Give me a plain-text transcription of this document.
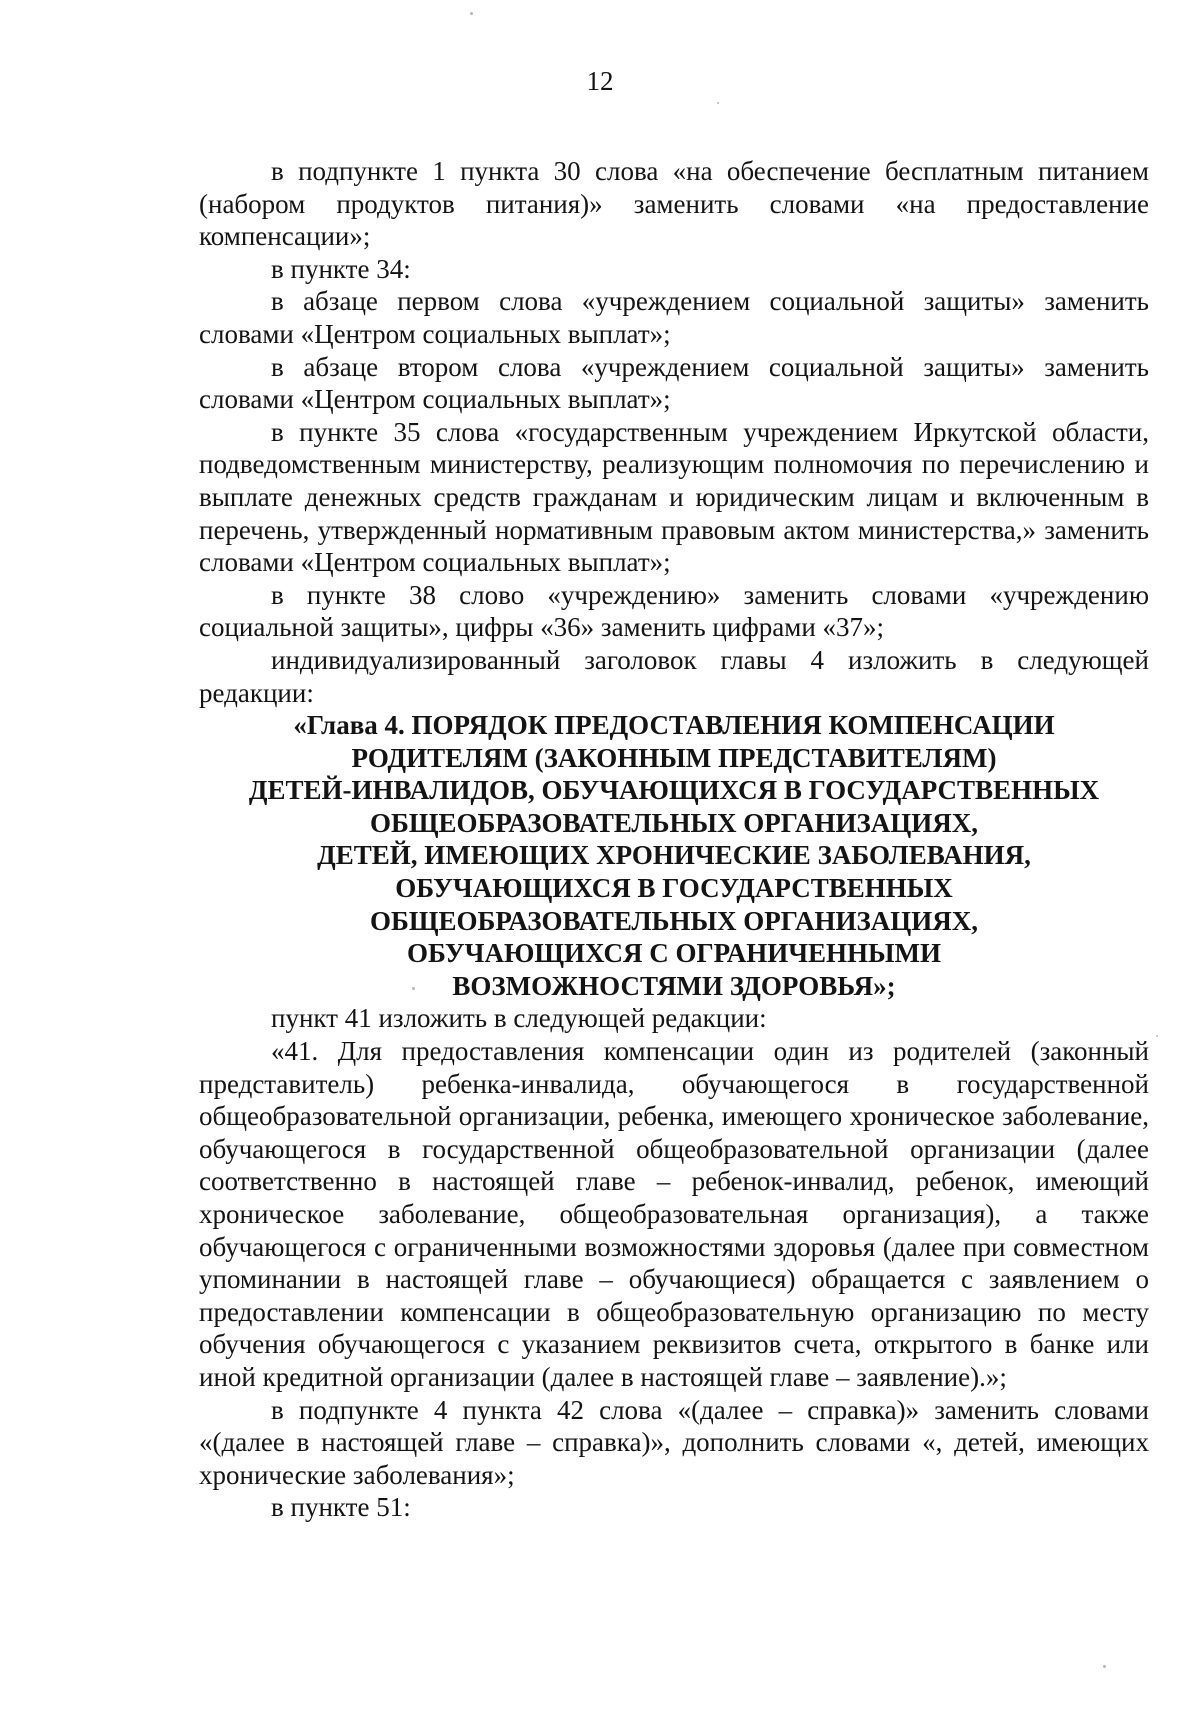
12

в подпункте 1 пункта 30 слова «на обеспечение бесплатным питанием (набором продуктов питания)» заменить словами «на предоставление компенсации»;

в пункте 34:

в абзаце первом слова «учреждением социальной защиты» заменить словами «Центром социальных выплат»;

в абзаце втором слова «учреждением социальной защиты» заменить словами «Центром социальных выплат»;

в пункте 35 слова «государственным учреждением Иркутской области, подведомственным министерству, реализующим полномочия по перечислению и выплате денежных средств гражданам и юридическим лицам и включенным в перечень, утвержденный нормативным правовым актом министерства,» заменить словами «Центром социальных выплат»;

в пункте 38 слово «учреждению» заменить словами «учреждению социальной защиты», цифры «36» заменить цифрами «37»;

индивидуализированный заголовок главы 4 изложить в следующей редакции:

«Глава 4. ПОРЯДОК ПРЕДОСТАВЛЕНИЯ КОМПЕНСАЦИИ
РОДИТЕЛЯМ (ЗАКОННЫМ ПРЕДСТАВИТЕЛЯМ)
ДЕТЕЙ-ИНВАЛИДОВ, ОБУЧАЮЩИХСЯ В ГОСУДАРСТВЕННЫХ
ОБЩЕОБРАЗОВАТЕЛЬНЫХ ОРГАНИЗАЦИЯХ,
ДЕТЕЙ, ИМЕЮЩИХ ХРОНИЧЕСКИЕ ЗАБОЛЕВАНИЯ,
ОБУЧАЮЩИХСЯ В ГОСУДАРСТВЕННЫХ
ОБЩЕОБРАЗОВАТЕЛЬНЫХ ОРГАНИЗАЦИЯХ,
ОБУЧАЮЩИХСЯ С ОГРАНИЧЕННЫМИ
ВОЗМОЖНОСТЯМИ ЗДОРОВЬЯ»;

пункт 41 изложить в следующей редакции:

«41. Для предоставления компенсации один из родителей (законный представитель) ребенка-инвалида, обучающегося в государственной общеобразовательной организации, ребенка, имеющего хроническое заболевание, обучающегося в государственной общеобразовательной организации (далее соответственно в настоящей главе – ребенок-инвалид, ребенок, имеющий хроническое заболевание, общеобразовательная организация), а также обучающегося с ограниченными возможностями здоровья (далее при совместном упоминании в настоящей главе – обучающиеся) обращается с заявлением о предоставлении компенсации в общеобразовательную организацию по месту обучения обучающегося с указанием реквизитов счета, открытого в банке или иной кредитной организации (далее в настоящей главе – заявление).»;

в подпункте 4 пункта 42 слова «(далее – справка)» заменить словами «(далее в настоящей главе – справка)», дополнить словами «, детей, имеющих хронические заболевания»;

в пункте 51:
